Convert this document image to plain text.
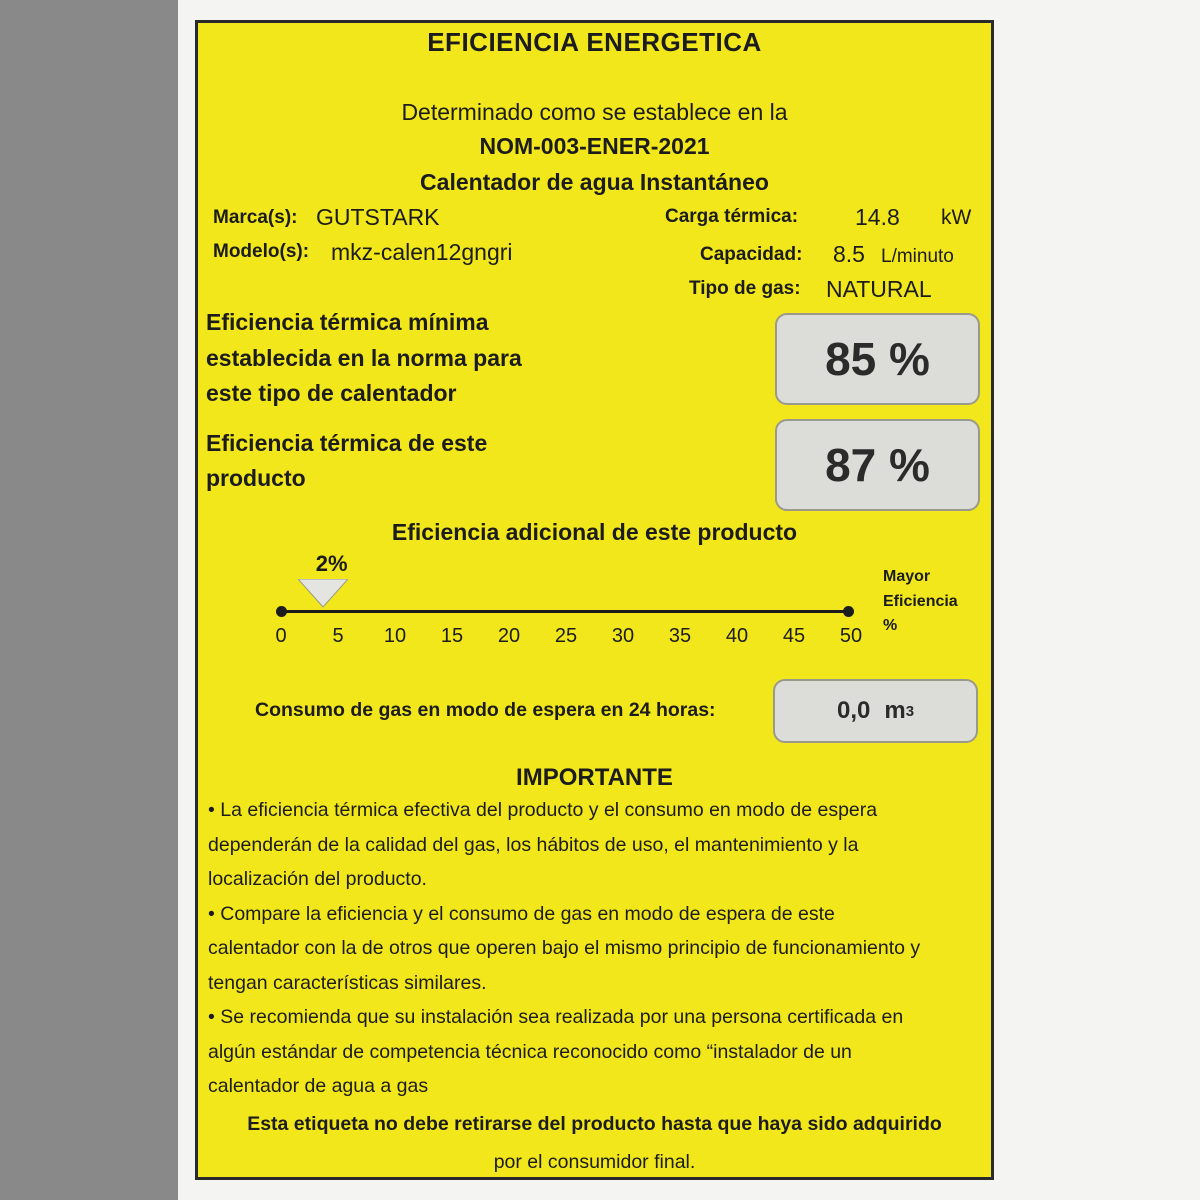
EFICIENCIA ENERGETICA
Determinado como se establece en la
NOM-003-ENER-2021
Calentador de agua Instantáneo
Marca(s): GUTSTARK
Modelo(s): mkz-calen12gngri
Carga térmica: 14.8 kW
Capacidad: 8.5 L/minuto
Tipo de gas: NATURAL
Eficiencia térmica mínima
establecida en la norma para
este tipo de calentador
85 %
Eficiencia térmica de este
producto	87 %
Eficiencia adicional de este producto
2%
0	5	10	15	20	25	30	35	40	45	50
Mayor
Eficiencia
%
Consumo de gas en modo de espera en 24 horas:	0,0 m 3
IMPORTANTE
• La eficiencia térmica efectiva del producto y el consumo en modo de espera
dependerán de la calidad del gas, los hábitos de uso, el mantenimiento y la
localización del producto.
• Compare la eficiencia y el consumo de gas en modo de espera de este
calentador con la de otros que operen bajo el mismo principio de funcionamiento y
tengan características similares.
• Se recomienda que su instalación sea realizada por una persona certificada en
algún estándar de competencia técnica reconocido como “instalador de un
calentador de agua a gas
Esta etiqueta no debe retirarse del producto hasta que haya sido adquirido
por el consumidor final.
